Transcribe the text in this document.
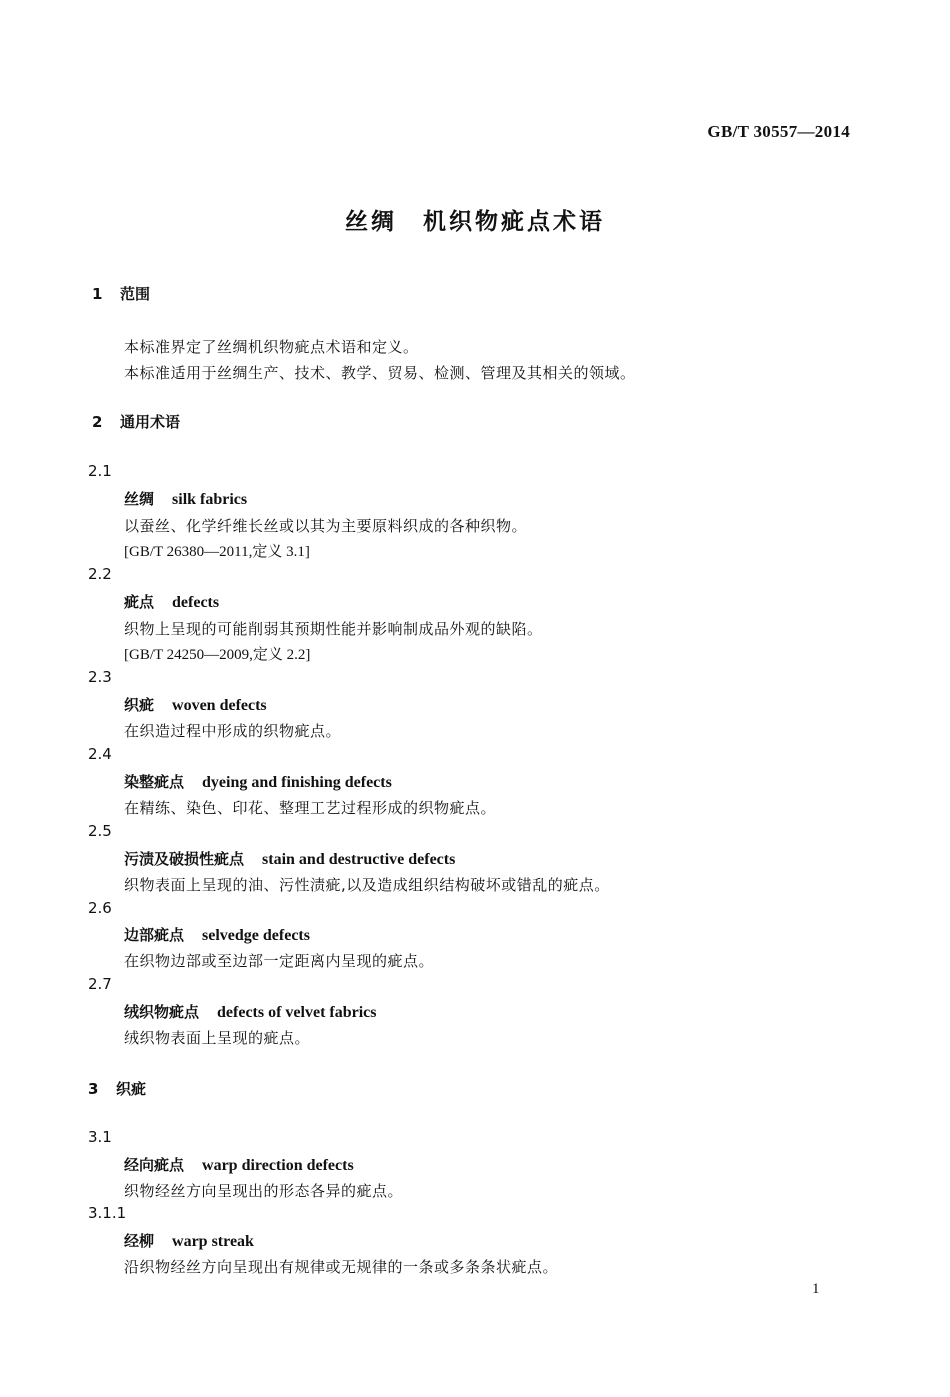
GB/T 30557—2014
丝绸　机织物疵点术语
1 范围
本标准界定了丝绸机织物疵点术语和定义。
本标准适用于丝绸生产、技术、教学、贸易、检测、管理及其相关的领域。
2 通用术语
2.1
丝绸 silk fabrics
以蚕丝、化学纤维长丝或以其为主要原料织成的各种织物。
[GB/T 26380—2011,定义 3.1]
2.2
疵点 defects
织物上呈现的可能削弱其预期性能并影响制成品外观的缺陷。
[GB/T 24250—2009,定义 2.2]
2.3
织疵 woven defects
在织造过程中形成的织物疵点。
2.4
染整疵点 dyeing and finishing defects
在精练、染色、印花、整理工艺过程形成的织物疵点。
2.5
污渍及破损性疵点 stain and destructive defects
织物表面上呈现的油、污性渍疵,以及造成组织结构破坏或错乱的疵点。
2.6
边部疵点 selvedge defects
在织物边部或至边部一定距离内呈现的疵点。
2.7
绒织物疵点 defects of velvet fabrics
绒织物表面上呈现的疵点。
3 织疵
3.1
经向疵点 warp direction defects
织物经丝方向呈现出的形态各异的疵点。
3.1.1
经柳 warp streak
沿织物经丝方向呈现出有规律或无规律的一条或多条条状疵点。
1
